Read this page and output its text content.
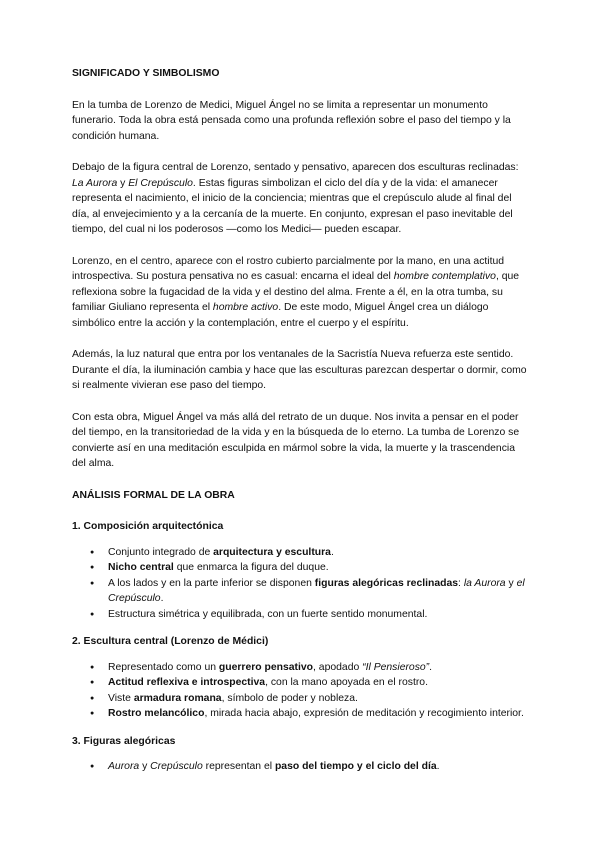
SIGNIFICADO Y SIMBOLISMO

En la tumba de Lorenzo de Medici, Miguel Ángel no se limita a representar un monumento funerario. Toda la obra está pensada como una profunda reflexión sobre el paso del tiempo y la condición humana.

Debajo de la figura central de Lorenzo, sentado y pensativo, aparecen dos esculturas reclinadas: La Aurora y El Crepúsculo. Estas figuras simbolizan el ciclo del día y de la vida: el amanecer representa el nacimiento, el inicio de la conciencia; mientras que el crepúsculo alude al final del día, al envejecimiento y a la cercanía de la muerte. En conjunto, expresan el paso inevitable del tiempo, del cual ni los poderosos —como los Medici— pueden escapar.

Lorenzo, en el centro, aparece con el rostro cubierto parcialmente por la mano, en una actitud introspectiva. Su postura pensativa no es casual: encarna el ideal del hombre contemplativo, que reflexiona sobre la fugacidad de la vida y el destino del alma. Frente a él, en la otra tumba, su familiar Giuliano representa el hombre activo. De este modo, Miguel Ángel crea un diálogo simbólico entre la acción y la contemplación, entre el cuerpo y el espíritu.

Además, la luz natural que entra por los ventanales de la Sacristía Nueva refuerza este sentido. Durante el día, la iluminación cambia y hace que las esculturas parezcan despertar o dormir, como si realmente vivieran ese paso del tiempo.

Con esta obra, Miguel Ángel va más allá del retrato de un duque. Nos invita a pensar en el poder del tiempo, en la transitoriedad de la vida y en la búsqueda de lo eterno. La tumba de Lorenzo se convierte así en una meditación esculpida en mármol sobre la vida, la muerte y la trascendencia del alma.

ANÁLISIS FORMAL DE LA OBRA
1. Composición arquitectónica
● Conjunto integrado de arquitectura y escultura.
● Nicho central que enmarca la figura del duque.
● A los lados y en la parte inferior se disponen figuras alegóricas reclinadas: la Aurora y el Crepúsculo.
● Estructura simétrica y equilibrada, con un fuerte sentido monumental.
2. Escultura central (Lorenzo de Médici)
● Representado como un guerrero pensativo, apodado “Il Pensieroso”.
● Actitud reflexiva e introspectiva, con la mano apoyada en el rostro.
● Viste armadura romana, símbolo de poder y nobleza.
● Rostro melancólico, mirada hacia abajo, expresión de meditación y recogimiento interior.
3. Figuras alegóricas
● Aurora y Crepúsculo representan el paso del tiempo y el ciclo del día.
